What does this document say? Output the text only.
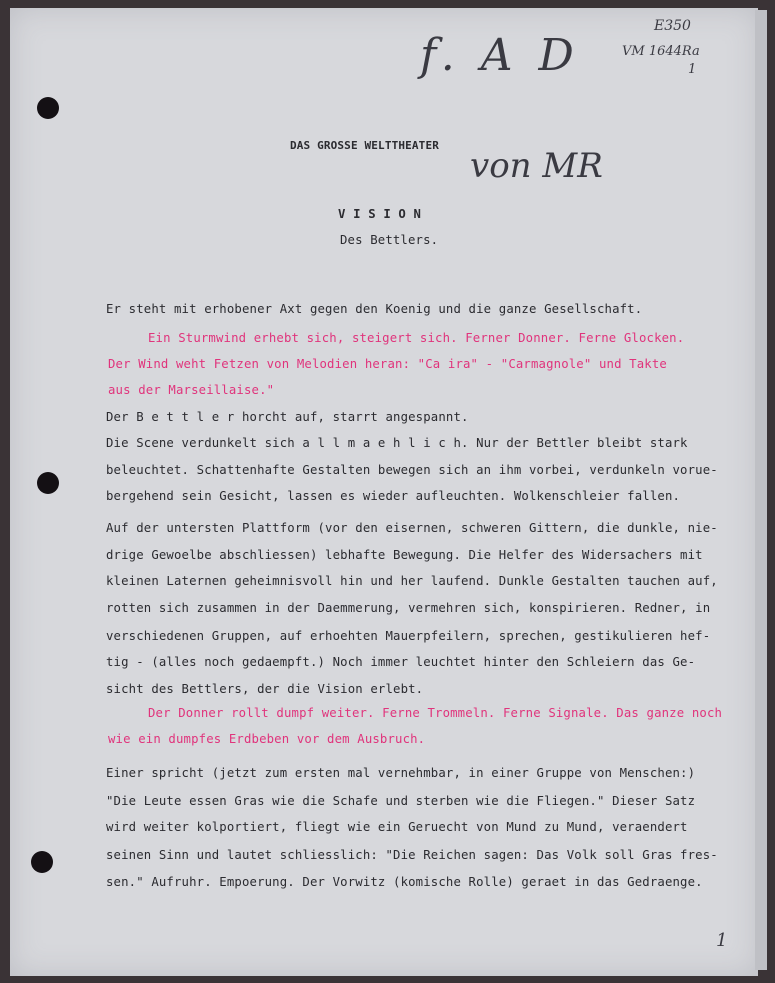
E350
VM 1644Ra
1
f. A D
von MR
1
DAS GROSSE WELTTHEATER
V I S I O N
Des Bettlers.
Er steht mit erhobener Axt gegen den Koenig und die ganze Gesellschaft.
Ein Sturmwind erhebt sich, steigert sich. Ferner Donner. Ferne Glocken.
Der Wind weht Fetzen von Melodien heran: "Ca ira" - "Carmagnole" und Takte
aus der Marseillaise."
Der B e t t l e r horcht auf, starrt angespannt.
Die Scene verdunkelt sich a l l m a e h l i c h. Nur der Bettler bleibt stark
beleuchtet. Schattenhafte Gestalten bewegen sich an ihm vorbei, verdunkeln vorue-
bergehend sein Gesicht, lassen es wieder aufleuchten. Wolkenschleier fallen.
Auf der untersten Plattform (vor den eisernen, schweren Gittern, die dunkle, nie-
drige Gewoelbe abschliessen) lebhafte Bewegung. Die Helfer des Widersachers mit
kleinen Laternen geheimnisvoll hin und her laufend. Dunkle Gestalten tauchen auf,
rotten sich zusammen in der Daemmerung, vermehren sich, konspirieren. Redner, in
verschiedenen Gruppen, auf erhoehten Mauerpfeilern, sprechen, gestikulieren hef-
tig - (alles noch gedaempft.) Noch immer leuchtet hinter den Schleiern das Ge-
sicht des Bettlers, der die Vision erlebt.
Der Donner rollt dumpf weiter. Ferne Trommeln. Ferne Signale. Das ganze noch
wie ein dumpfes Erdbeben vor dem Ausbruch.
Einer spricht (jetzt zum ersten mal vernehmbar, in einer Gruppe von Menschen:)
"Die Leute essen Gras wie die Schafe und sterben wie die Fliegen." Dieser Satz
wird weiter kolportiert, fliegt wie ein Geruecht von Mund zu Mund, veraendert
seinen Sinn und lautet schliesslich: "Die Reichen sagen: Das Volk soll Gras fres-
sen." Aufruhr. Empoerung. Der Vorwitz (komische Rolle) geraet in das Gedraenge.
